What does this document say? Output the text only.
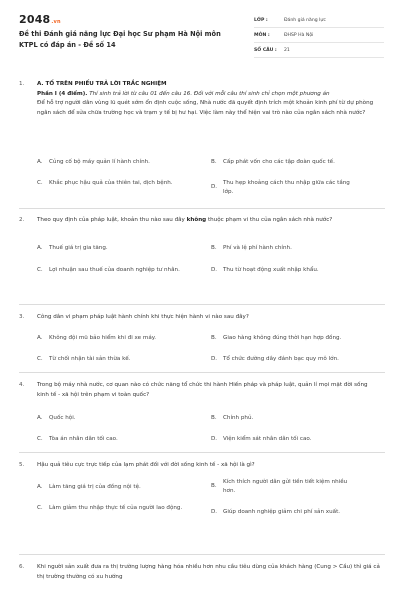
2048.vn
Đề thi Đánh giá năng lực Đại học Sư phạm Hà Nội môn KTPL có đáp án - Đề số 14
LỚP :	Đánh giá năng lực
MÔN :	ĐHSP Hà Nội
SỐ CÂU :	21
1.	A. TỐ TRÊN PHIẾU TRẢ LỜI TRẮC NGHIỆM
Phần I (4 điểm). Thí sinh trả lời từ câu 01 đến câu 16. Đối với mỗi câu thí sinh chỉ chọn một phương án
Để hỗ trợ người dân vùng lũ quét sớm ổn định cuộc sống, Nhà nước đã quyết định trích một khoản kinh phí từ dự phòng ngân sách để sửa chữa trường học và trạm y tế bị hư hại. Việc làm này thể hiện vai trò nào của ngân sách nhà nước?
A.	Củng cố bộ máy quản lí hành chính.	B.	Cấp phát vốn cho các tập đoàn quốc tế.
C.	Khắc phục hậu quả của thiên tai, dịch bệnh.
D.
Thu hẹp khoảng cách thu nhập giữa các tầng lớp.
2.	Theo quy định của pháp luật, khoản thu nào sau đây không thuộc phạm vi thu của ngân sách nhà nước?
A.	Thuế giá trị gia tăng.	B.	Phí và lệ phí hành chính.
C.	Lợi nhuận sau thuế của doanh nghiệp tư nhân.	D.	Thu từ hoạt động xuất nhập khẩu.
3.	Công dân vi phạm pháp luật hành chính khi thực hiện hành vi nào sau đây?
A.	Không đội mũ bảo hiểm khi đi xe máy.	B.	Giao hàng không đúng thời hạn hợp đồng.
C.	Từ chối nhận tài sản thừa kế.	D.	Tổ chức đường dây đánh bạc quy mô lớn.
4.	Trong bộ máy nhà nước, cơ quan nào có chức năng tổ chức thi hành Hiến pháp và pháp luật, quản lí mọi mặt đời sống kinh tế - xã hội trên phạm vi toàn quốc?
A.	Quốc hội.	B.	Chính phủ.
C.	Tòa án nhân dân tối cao.	D.	Viện kiểm sát nhân dân tối cao.
5.	Hậu quả tiêu cực trực tiếp của lạm phát đối với đời sống kinh tế - xã hội là gì?
A.	Làm tăng giá trị của đồng nội tệ.	B.
Kích thích người dân gửi tiền tiết kiệm nhiều hơn.
C.	Làm giảm thu nhập thực tế của người lao động.
D.	Giúp doanh nghiệp giảm chi phí sản xuất.
6.	Khi người sản xuất đưa ra thị trường lượng hàng hóa nhiều hơn nhu cầu tiêu dùng của khách hàng (Cung > Cầu) thì giá cả thị trường thường có xu hướng
